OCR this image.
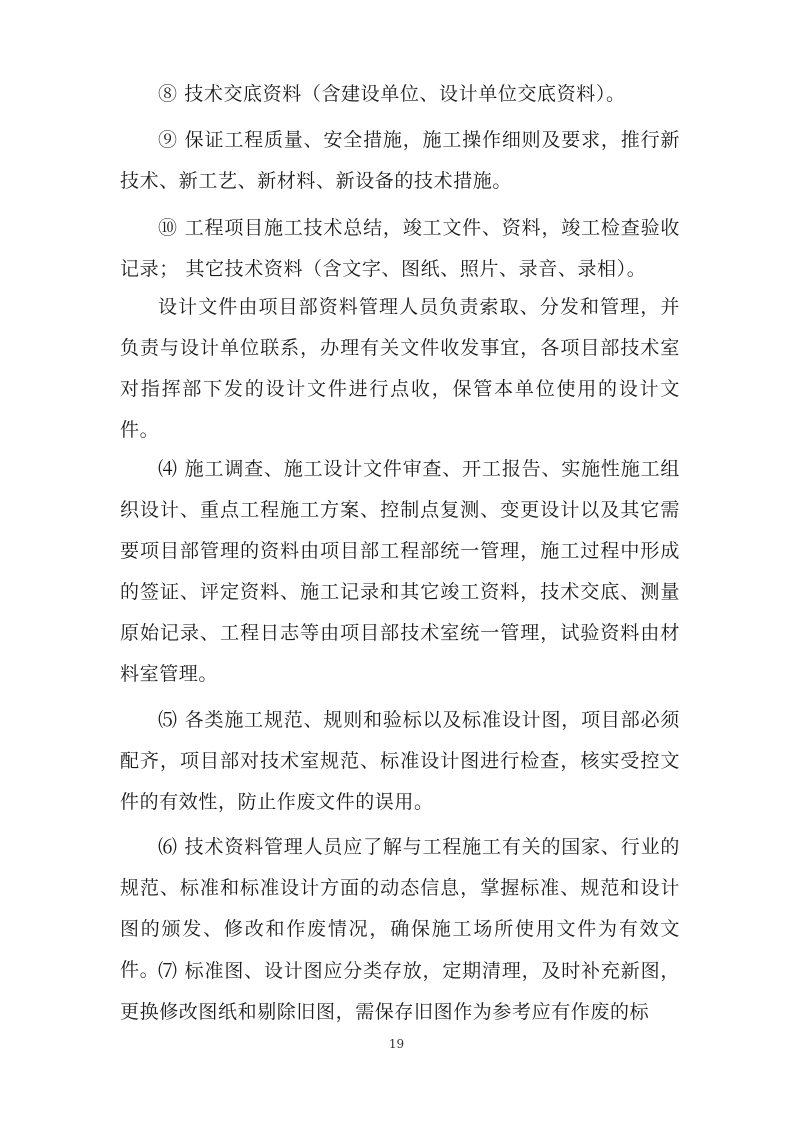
⑧ 技术交底资料（含建设单位、设计单位交底资料）。

⑨ 保证工程质量、安全措施，施工操作细则及要求，推行新技术、新工艺、新材料、新设备的技术措施。

⑩ 工程项目施工技术总结，竣工文件、资料，竣工检查验收记录； 其它技术资料（含文字、图纸、照片、录音、录相）。

设计文件由项目部资料管理人员负责索取、分发和管理，并负责与设计单位联系，办理有关文件收发事宜，各项目部技术室对指挥部下发的设计文件进行点收，保管本单位使用的设计文件。

⑷ 施工调查、施工设计文件审查、开工报告、实施性施工组织设计、重点工程施工方案、控制点复测、变更设计以及其它需要项目部管理的资料由项目部工程部统一管理，施工过程中形成的签证、评定资料、施工记录和其它竣工资料，技术交底、测量原始记录、工程日志等由项目部技术室统一管理，试验资料由材料室管理。

⑸ 各类施工规范、规则和验标以及标准设计图，项目部必须配齐，项目部对技术室规范、标准设计图进行检查，核实受控文件的有效性，防止作废文件的误用。

⑹ 技术资料管理人员应了解与工程施工有关的国家、行业的规范、标准和标准设计方面的动态信息，掌握标准、规范和设计图的颁发、修改和作废情况，确保施工场所使用文件为有效文件。

⑺ 标准图、设计图应分类存放，定期清理，及时补充新图，更换修改图纸和剔除旧图，需保存旧图作为参考应有作废的标

19
